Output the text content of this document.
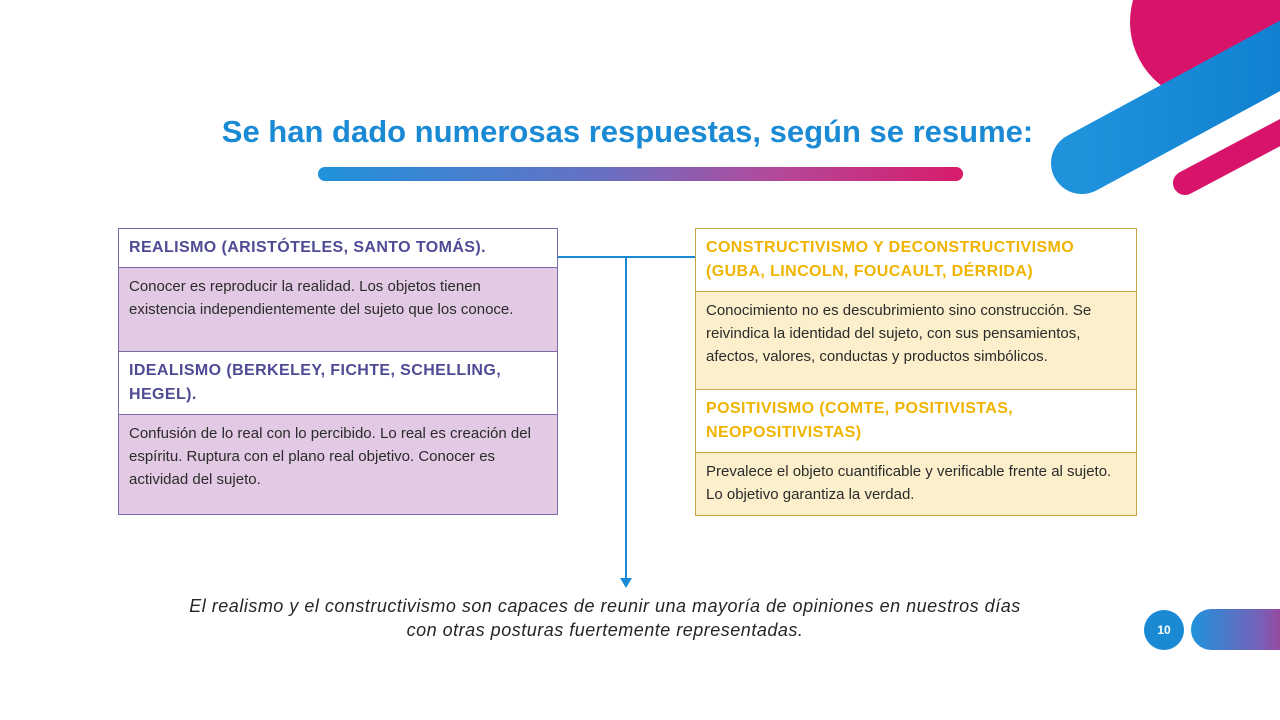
Se han dado numerosas respuestas, según se resume:
REALISMO (ARISTÓTELES, SANTO TOMÁS).
Conocer es reproducir la realidad. Los objetos tienen existencia independientemente del sujeto que los conoce.
IDEALISMO (BERKELEY, FICHTE, SCHELLING, HEGEL).
Confusión de lo real con lo percibido. Lo real es creación del espíritu. Ruptura con el plano real objetivo. Conocer es actividad del sujeto.
CONSTRUCTIVISMO Y DECONSTRUCTIVISMO (GUBA, LINCOLN, FOUCAULT, DÉRRIDA)
Conocimiento no es descubrimiento sino construcción. Se reivindica la identidad del sujeto, con sus pensamientos, afectos, valores, conductas y productos simbólicos.
POSITIVISMO (COMTE, POSITIVISTAS, NEOPOSITIVISTAS)
Prevalece el objeto cuantificable y verificable frente al sujeto. Lo objetivo garantiza la verdad.

El realismo y el constructivismo son capaces de reunir una mayoría de opiniones en nuestros días con otras posturas fuertemente representadas.	10
